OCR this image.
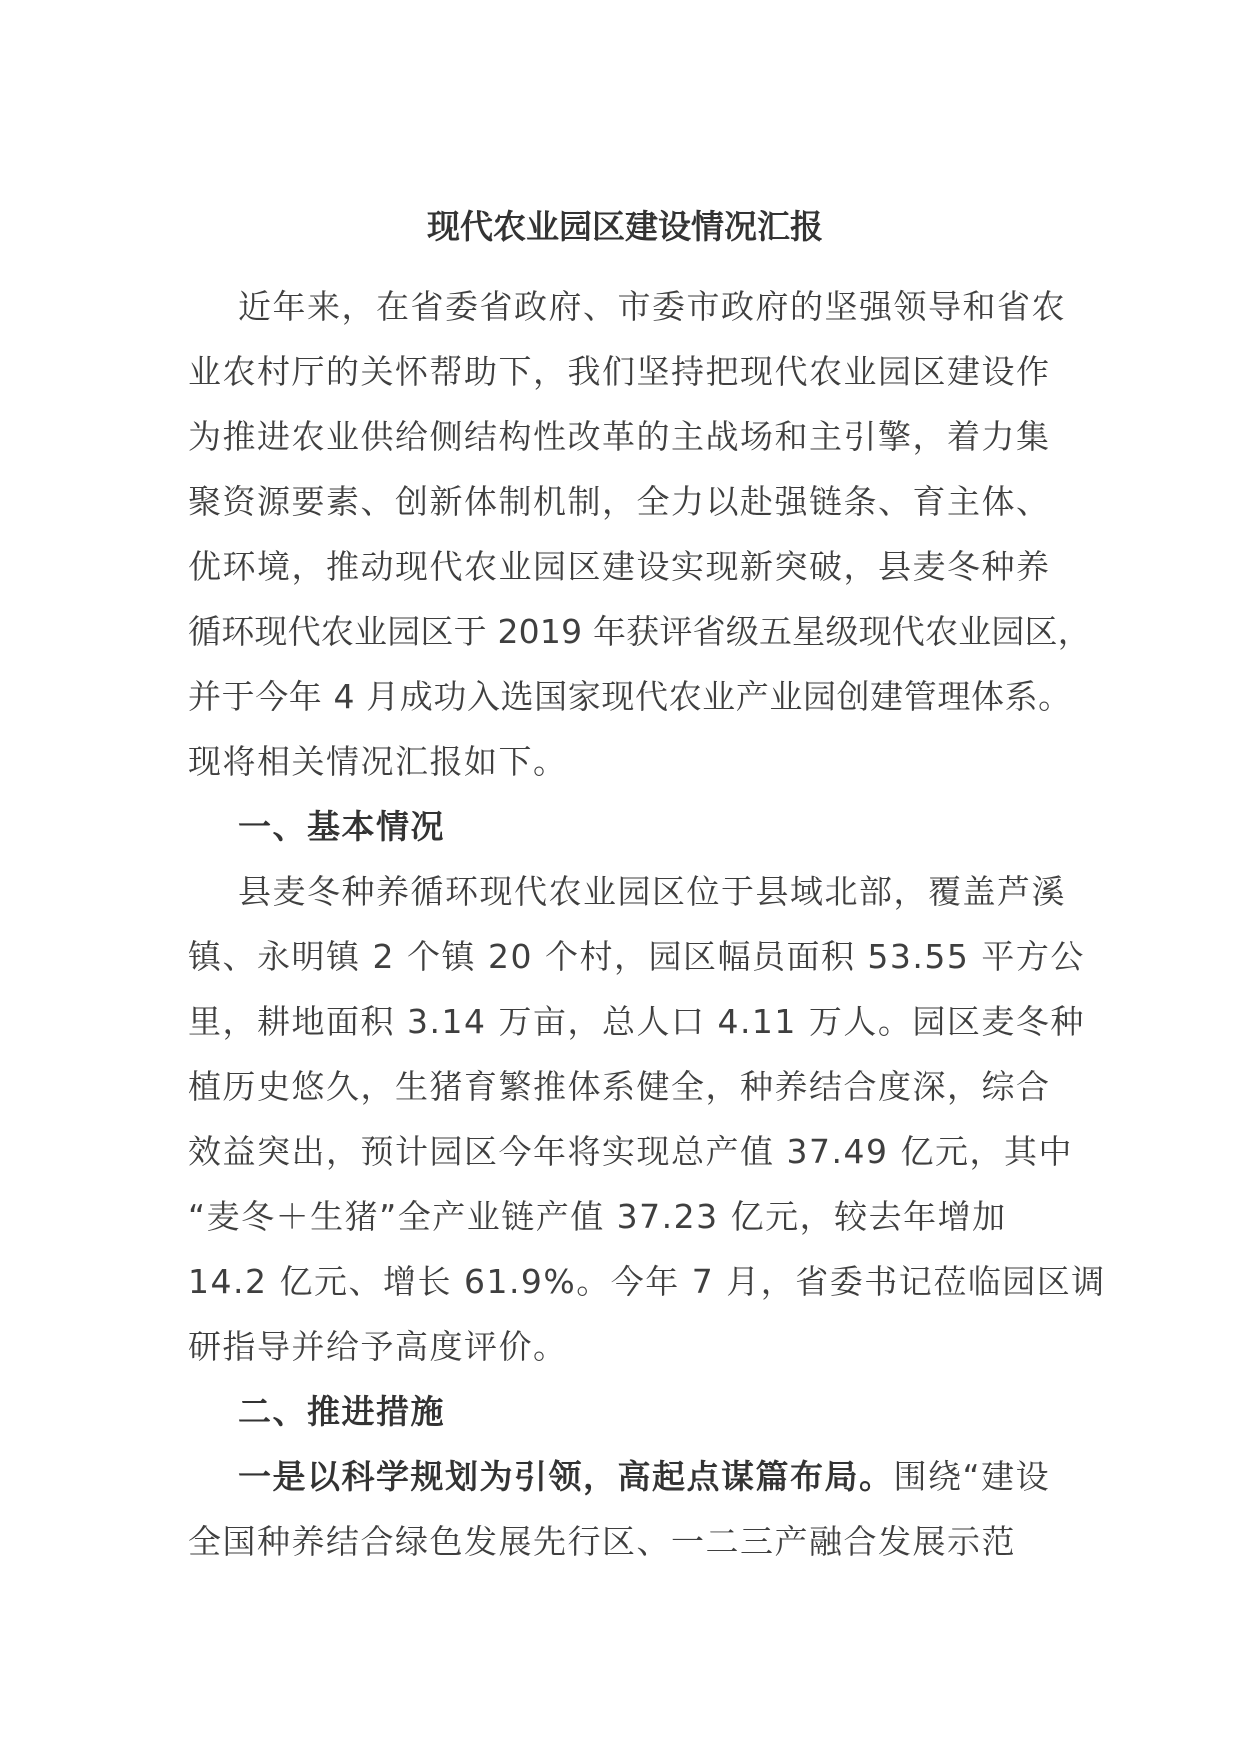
现代农业园区建设情况汇报
近年来，在省委省政府、市委市政府的坚强领导和省农
业农村厅的关怀帮助下，我们坚持把现代农业园区建设作
为推进农业供给侧结构性改革的主战场和主引擎，着力集
聚资源要素、创新体制机制，全力以赴强链条、育主体、
优环境，推动现代农业园区建设实现新突破，县麦冬种养
循环现代农业园区于 2019 年获评省级五星级现代农业园区，
并于今年 4 月成功入选国家现代农业产业园创建管理体系。
现将相关情况汇报如下。
一、基本情况
县麦冬种养循环现代农业园区位于县域北部，覆盖芦溪
镇、永明镇 2 个镇 20 个村，园区幅员面积 53.55 平方公
里，耕地面积 3.14 万亩，总人口 4.11 万人。园区麦冬种
植历史悠久，生猪育繁推体系健全，种养结合度深，综合
效益突出，预计园区今年将实现总产值 37.49 亿元，其中
“麦冬＋生猪”全产业链产值 37.23 亿元，较去年增加
14.2 亿元、增长 61.9%。今年 7 月，省委书记莅临园区调
研指导并给予高度评价。
二、推进措施
一是以科学规划为引领，高起点谋篇布局。围绕“建设
全国种养结合绿色发展先行区、一二三产融合发展示范
